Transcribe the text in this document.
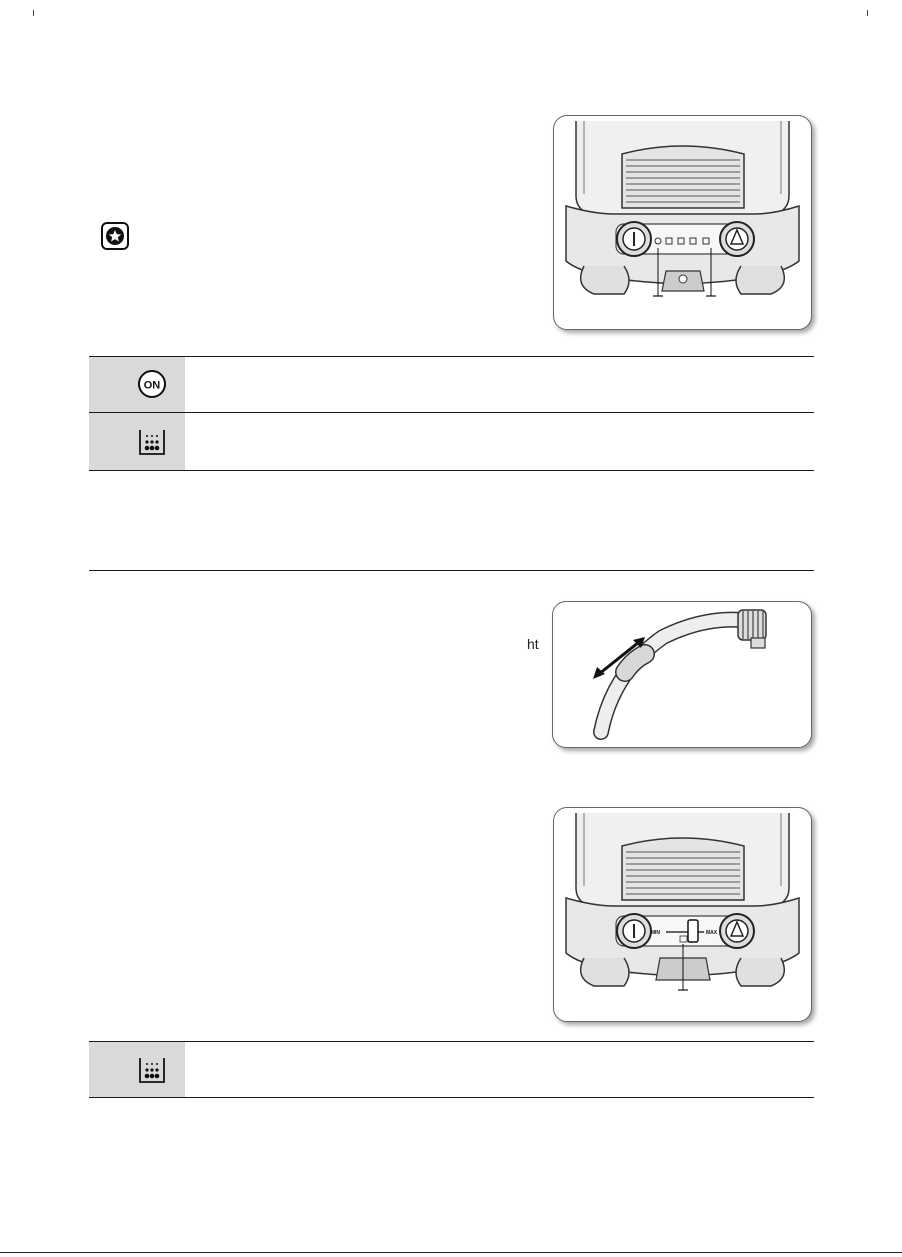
ON
ht
MIN	MAX
